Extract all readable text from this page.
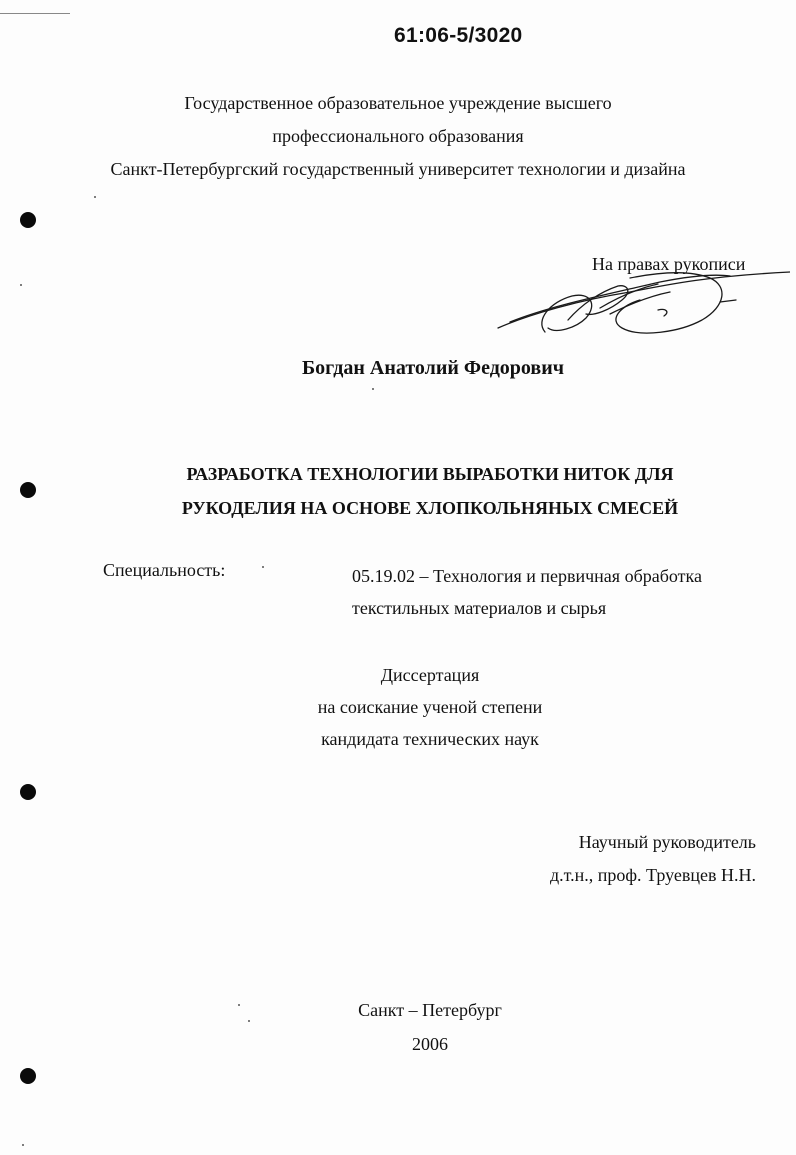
61:06-5/3020
Государственное образовательное учреждение высшего
профессионального образования
Санкт-Петербургский государственный университет технологии и дизайна
На правах рукописи
Богдан Анатолий Федорович
РАЗРАБОТКА ТЕХНОЛОГИИ ВЫРАБОТКИ НИТОК ДЛЯ
РУКОДЕЛИЯ НА ОСНОВЕ ХЛОПКОЛЬНЯНЫХ СМЕСЕЙ
Специальность:	05.19.02 – Технология и первичная обработка
текстильных материалов и сырья
Диссертация
на соискание ученой степени
кандидата технических наук
Научный руководитель
д.т.н., проф. Труевцев Н.Н.
Санкт – Петербург
2006
